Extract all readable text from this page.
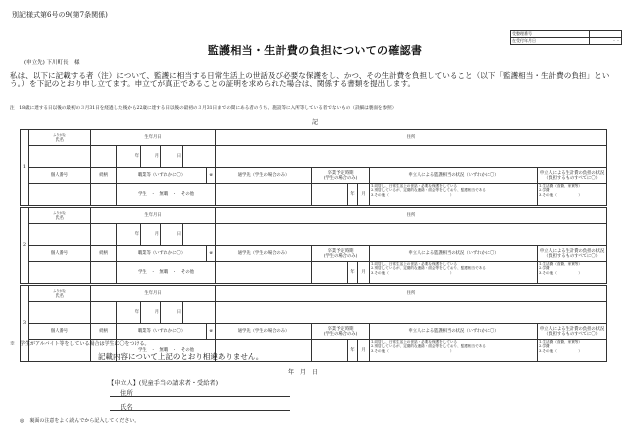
別記様式第6号の9(第7条関係)
受整理番号	
在受付年月日	・・
監護相当・生計費の負担についての確認書
(申立先) 下川町長　様
私は、以下に記載する者（注）について、監護に相当する日常生活上の世話及び必要な保護をし、かつ、その生計費を負担していること（以下「監護相当・生計費の負担」という。）を下記のとおり申し立てます。申立てが真正であることの証明を求められた場合は、関係する書類を提出します。
注　18歳に達する日以後の最初の３月31日を経過した後から22歳に達する日以後の最初の３月31日までの間にある者のうち、施設等に入所等している者でないもの（詳細は裏面を参照）
記
1	ふりがな
氏名	生年月日						住所					
			年	月	日								
	個人番号	続柄	職業等（いずれかに〇）				※	通学先（学生の場合のみ）	卒業予定時期
(学生の場合のみ)			申立人による監護相当の状況（いずれかに〇）	申立人による生計費の負担の状況（負担するものすべてに〇）
			学生　・　無職　・　その他							年	月	1.同居し、日常生活上の世話・必要な保護をしている
2.別居しているが、定期的な連絡・面会等をしており、監護相当である
3.その他（　　　　　　　　　　　　　　　　　）	1.生活費（食費、家賃等）
2.学費
3.その他（　　　　　　）

2	ふりがな
氏名	生年月日						住所					
			年	月	日								
	個人番号	続柄	職業等（いずれかに〇）				※	通学先（学生の場合のみ）	卒業予定時期
(学生の場合のみ)			申立人による監護相当の状況（いずれかに〇）	申立人による生計費の負担の状況（負担するものすべてに〇）
			学生　・　無職　・　その他							年	月	1.同居し、日常生活上の世話・必要な保護をしている
2.別居しているが、定期的な連絡・面会等をしており、監護相当である
3.その他（　　　　　　　　　　　　　　　　　）	1.生活費（食費、家賃等）
2.学費
3.その他（　　　　　　）

3	ふりがな
氏名	生年月日						住所					
			年	月	日								
	個人番号	続柄	職業等（いずれかに〇）				※	通学先（学生の場合のみ）	卒業予定時期
(学生の場合のみ)			申立人による監護相当の状況（いずれかに〇）	申立人による生計費の負担の状況（負担するものすべてに〇）
			学生　・　無職　・　その他							年	月	1.同居し、日常生活上の世話・必要な保護をしている
2.別居しているが、定期的な連絡・面会等をしており、監護相当である
3.その他（　　　　　　　　　　　　　　　　　）	1.生活費（食費、家賃等）
2.学費
3.その他（　　　　　　）
※　学生がアルバイト等をしている場合は学生に〇をつける。
記載内容について上記のとおり相違ありません。
年　月　日
【申立人】(児童手当の請求者・受給者)
住所
氏名
◎　裏面の注意をよく読んでから記入してください。
